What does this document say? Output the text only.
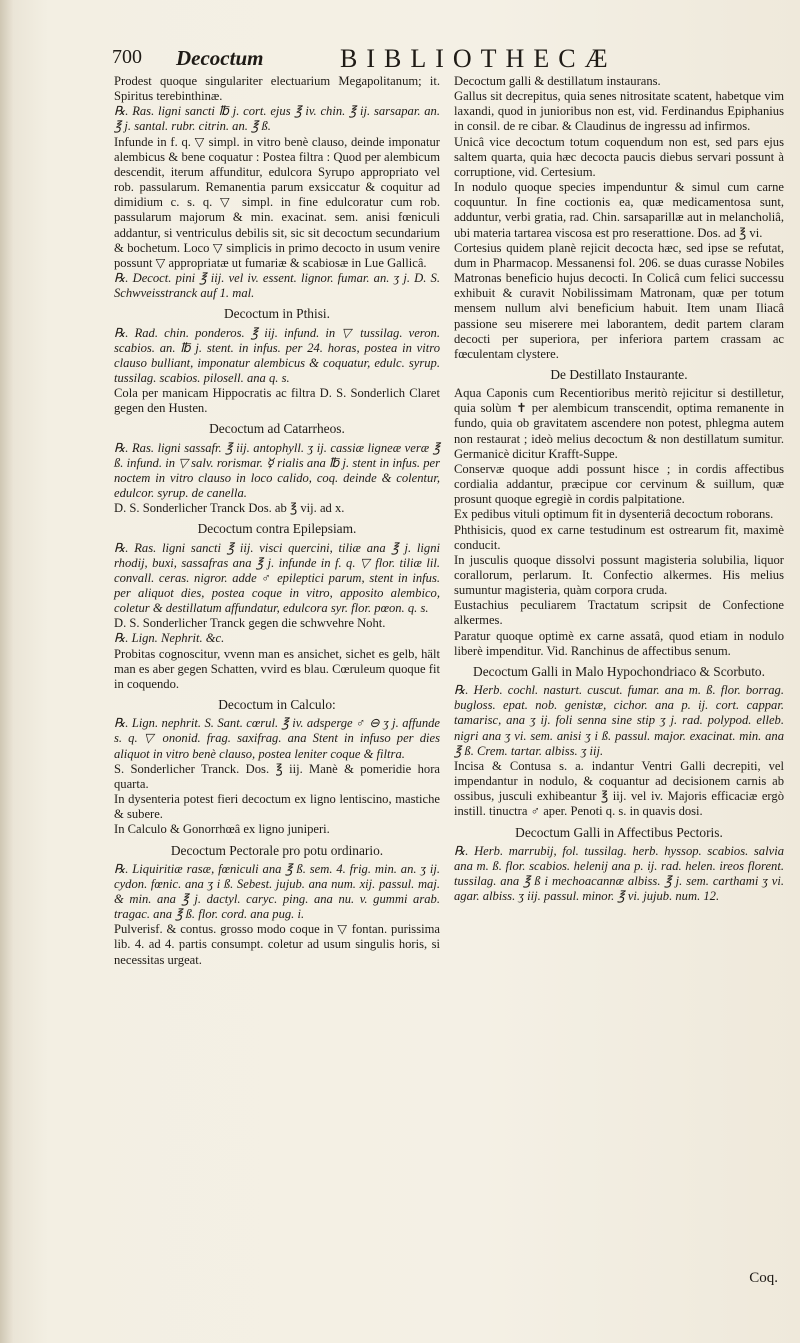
700 Decoctum	BIBLIOTHECÆ

Prodest quoque singulariter electuarium Megapolitanum; it. Spiritus terebinthinæ.

℞. Ras. ligni sancti ℔ j. cort. ejus ℥ iv. chin. ℥ ij. sarsapar. an. ℥ j. santal. rubr. citrin. an. ℥ ß.

Infunde in f. q. ▽ simpl. in vitro benè clauso, deinde imponatur alembicus & bene coquatur : Postea filtra : Quod per alembicum descendit, iterum affunditur, edulcora Syrupo appropriato vel rob. passularum. Remanentia parum exsiccatur & coquitur ad dimidium c. s. q. ▽ simpl. in fine edulcoratur cum rob. passularum majorum & min. exacinat. sem. anisi fœniculi addantur, si ventriculus debilis sit, sic sit decoctum secundarium & bochetum. Loco ▽ simplicis in primo decocto in usum venire possunt ▽ appropriatæ ut fumariæ & scabiosæ in Lue Gallicâ.

℞. Decoct. pini ℥ iij. vel iv. essent. lignor. fumar. an. ʒ j. D. S. Schwveisstranck auf 1. mal.

Decoctum in Pthisi.

℞. Rad. chin. ponderos. ℥ iij. infund. in ▽ tussilag. veron. scabios. an. ℔ j. stent. in infus. per 24. horas, postea in vitro clauso bulliant, imponatur alembicus & coquatur, edulc. syrup. tussilag. scabios. pilosell. ana q. s.

Cola per manicam Hippocratis ac filtra D. S. Sonderlich Claret gegen den Husten.

Decoctum ad Catarrheos.

℞. Ras. ligni sassafr. ℥ iij. antophyll. ʒ ij. cassiæ ligneæ veræ ℥ ß. infund. in ▽ salv. rorismar. ☿ rialis ana ℔ j. stent in infus. per noctem in vitro clauso in loco calido, coq. deinde & colentur, edulcor. syrup. de canella.

D. S. Sonderlicher Tranck Dos. ab ℥ vij. ad x.

Decoctum contra Epilepsiam.

℞. Ras. ligni sancti ℥ iij. visci quercini, tiliæ ana ℥ j. ligni rhodij, buxi, sassafras ana ℥ j. infunde in f. q. ▽ flor. tiliæ lil. convall. ceras. nigror. adde ♂ epileptici parum, stent in infus. per aliquot dies, postea coque in vitro, apposito alembico, coletur & destillatum affundatur, edulcora syr. flor. pœon. q. s.

D. S. Sonderlicher Tranck gegen die schwvehre Noht.

℞. Lign. Nephrit. &c.

Probitas cognoscitur, vvenn man es ansichet, sichet es gelb, hält man es aber gegen Schatten, vvird es blau. Cœruleum quoque fit in coquendo.

Decoctum in Calculo:

℞. Lign. nephrit. S. Sant. cœrul. ℥ iv. adsperge ♂ ⊖ ʒ j. affunde s. q. ▽ ononid. frag. saxifrag. ana Stent in infuso per dies aliquot in vitro benè clauso, postea leniter coque & filtra.

S. Sonderlicher Tranck. Dos. ℥ iij. Manè & pomeridie hora quarta.

In dysenteria potest fieri decoctum ex ligno lentiscino, mastiche & subere.

In Calculo & Gonorrhœâ ex ligno juniperi.

Decoctum Pectorale pro potu ordinario.

℞. Liquiritiæ rasæ, fœniculi ana ℥ ß. sem. 4. frig. min. an. ʒ ij. cydon. fœnic. ana ʒ i ß. Sebest. jujub. ana num. xij. passul. maj. & min. ana ℥ j. dactyl. caryc. ping. ana nu. v. gummi arab. tragac. ana ℥ ß. flor. cord. ana pug. i.

Pulverisf. & contus. grosso modo coque in ▽ fontan. purissima lib. 4. ad 4. partis consumpt. coletur ad usum singulis horis, si necessitas urgeat.

Decoctum galli & destillatum instaurans.

Gallus sit decrepitus, quia senes nitrositate scatent, habetque vim laxandi, quod in junioribus non est, vid. Ferdinandus Epiphanius in consil. de re cibar. & Claudinus de ingressu ad infirmos.

Unicâ vice decoctum totum coquendum non est, sed pars ejus saltem quarta, quia hæc decocta paucis diebus servari possunt à corruptione, vid. Certesium.

In nodulo quoque species impenduntur & simul cum carne coquuntur. In fine coctionis ea, quæ medicamentosa sunt, adduntur, verbi gratia, rad. Chin. sarsaparillæ aut in melancholiâ, ubi materia tartarea viscosa est pro reserattione. Dos. ad ℥ vi.

Cortesius quidem planè rejicit decocta hæc, sed ipse se refutat, dum in Pharmacop. Messanensi fol. 206. se duas curasse Nobiles Matronas beneficio hujus decocti. In Colicâ cum felici successu exhibuit & curavit Nobilissimam Matronam, quæ per totum mensem nullum alvi beneficium habuit. Item unam Iliacâ passione seu miserere mei laborantem, dedit partem claram decocti per superiora, per inferiora partem crassam ac fœculentam clystere.

De Destillato Instaurante.

Aqua Caponis cum Recentioribus meritò rejicitur si destilletur, quia solùm ✝ per alembicum transcendit, optima remanente in fundo, quia ob gravitatem ascendere non potest, phlegma autem non restaurat ; ideò melius decoctum & non destillatum sumitur. Germanicè dicitur Krafft-Suppe.

Conservæ quoque addi possunt hisce ; in cordis affectibus cordialia addantur, præcipue cor cervinum & suillum, quæ prosunt quoque egregiè in cordis palpitatione.

Ex pedibus vituli optimum fit in dysenteriâ decoctum roborans.

Phthisicis, quod ex carne testudinum est ostrearum fit, maximè conducit.

In jusculis quoque dissolvi possunt magisteria solubilia, liquor corallorum, perlarum. It. Confectio alkermes. His melius sumuntur magisteria, quàm corpora cruda.

Eustachius peculiarem Tractatum scripsit de Confectione alkermes.

Paratur quoque optimè ex carne assatâ, quod etiam in nodulo liberè impenditur. Vid. Ranchinus de affectibus senum.

Decoctum Galli in Malo Hypochondriaco & Scorbuto.

℞. Herb. cochl. nasturt. cuscut. fumar. ana m. ß. flor. borrag. bugloss. epat. nob. genistæ, cichor. ana p. ij. cort. cappar. tamarisc, ana ʒ ij. foli senna sine stip ʒ j. rad. polypod. elleb. nigri ana ʒ vi. sem. anisi ʒ i ß. passul. major. exacinat. min. ana ℥ ß. Crem. tartar. albiss. ʒ iij.

Incisa & Contusa s. a. indantur Ventri Galli decrepiti, vel impendantur in nodulo, & coquantur ad decisionem carnis ab ossibus, jusculi exhibeantur ℥ iij. vel iv. Majoris efficaciæ ergò instill. tinuctra ♂ aper. Penoti q. s. in quavis dosi.

Decoctum Galli in Affectibus Pectoris.

℞. Herb. marrubij, fol. tussilag. herb. hyssop. scabios. salvia ana m. ß. flor. scabios. helenij ana p. ij. rad. helen. ireos florent. tussilag. ana ℥ ß i mechoacannæ albiss. ℥ j. sem. carthami ʒ vi. agar. albiss. ʒ iij. passul. minor. ℥ vi. jujub. num. 12.

Coq.
